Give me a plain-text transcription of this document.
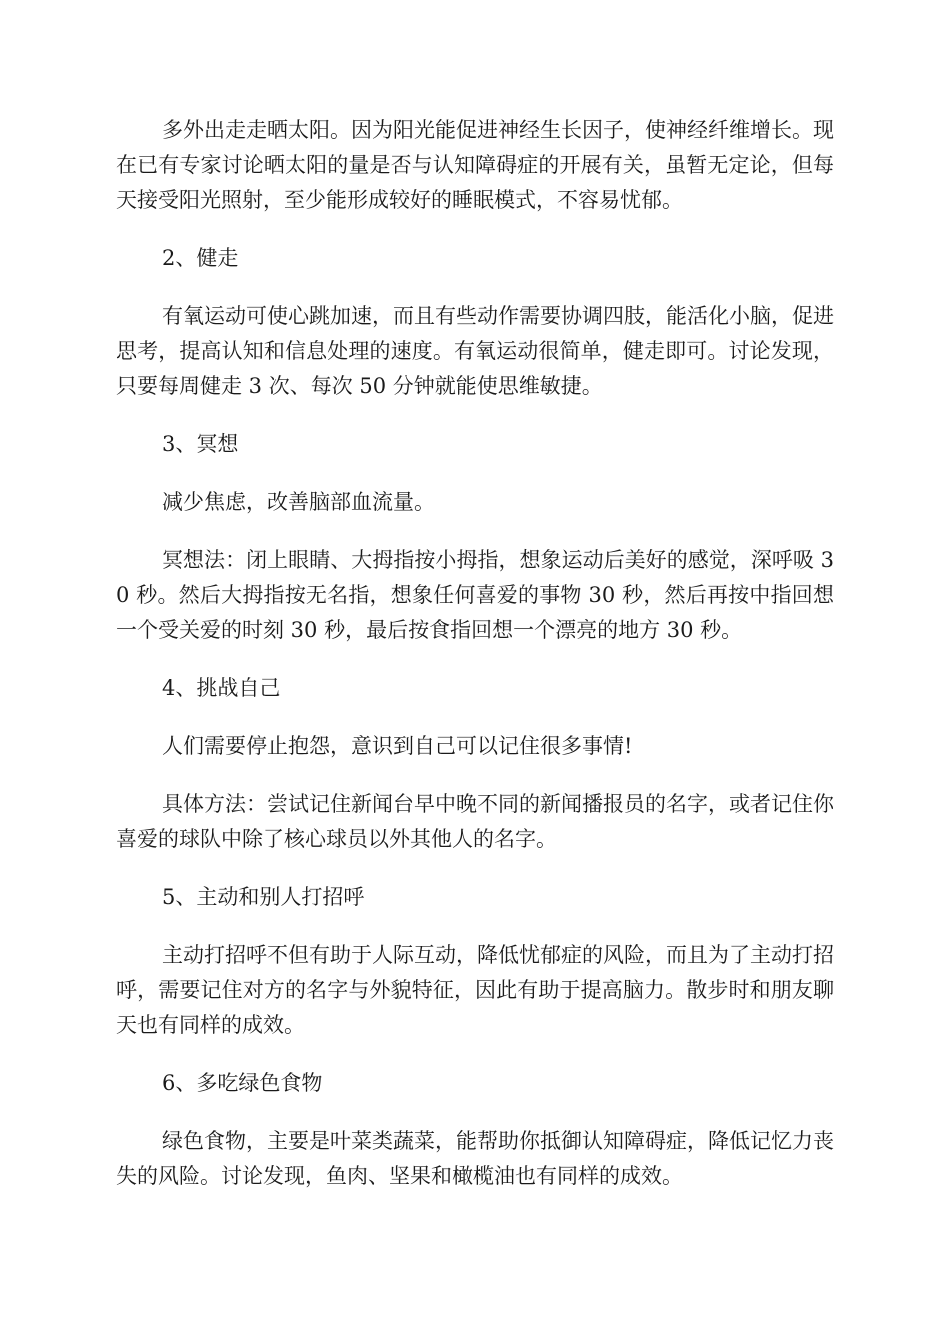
多外出走走晒太阳。因为阳光能促进神经生长因子，使神经纤维增长。现在已有专家讨论晒太阳的量是否与认知障碍症的开展有关，虽暂无定论，但每天接受阳光照射，至少能形成较好的睡眠模式，不容易忧郁。

2、健走

有氧运动可使心跳加速，而且有些动作需要协调四肢，能活化小脑，促进思考，提高认知和信息处理的速度。有氧运动很简单，健走即可。讨论发现，只要每周健走 3 次、每次 50 分钟就能使思维敏捷。

3、冥想

减少焦虑，改善脑部血流量。

冥想法：闭上眼睛、大拇指按小拇指，想象运动后美好的感觉，深呼吸 30 秒。然后大拇指按无名指，想象任何喜爱的事物 30 秒，然后再按中指回想一个受关爱的时刻 30 秒，最后按食指回想一个漂亮的地方 30 秒。

4、挑战自己

人们需要停止抱怨，意识到自己可以记住很多事情!

具体方法：尝试记住新闻台早中晚不同的新闻播报员的名字，或者记住你喜爱的球队中除了核心球员以外其他人的名字。

5、主动和别人打招呼

主动打招呼不但有助于人际互动，降低忧郁症的风险，而且为了主动打招呼，需要记住对方的名字与外貌特征，因此有助于提高脑力。散步时和朋友聊天也有同样的成效。

6、多吃绿色食物

绿色食物，主要是叶菜类蔬菜，能帮助你抵御认知障碍症，降低记忆力丧失的风险。讨论发现，鱼肉、坚果和橄榄油也有同样的成效。
